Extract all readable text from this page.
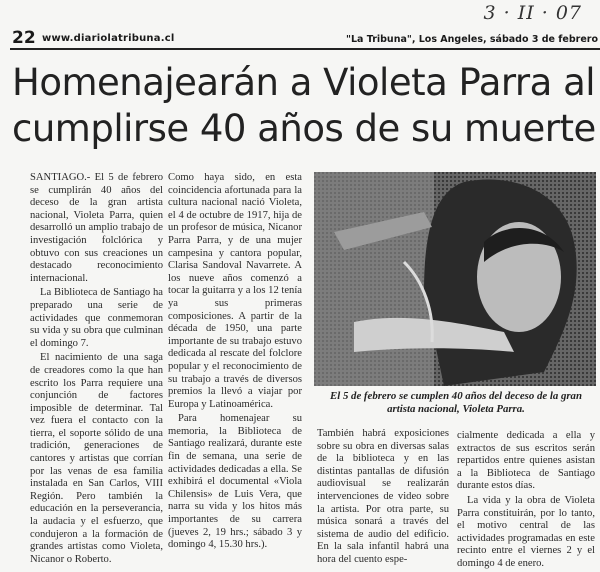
22 www.diariolatribuna.cl	"La Tribuna", Los Angeles, sábado 3 de febrero
3 · II · 07
Homenajearán a Violeta Parra al cumplirse 40 años de su muerte

SANTIAGO.- El 5 de febrero se cumplirán 40 años del deceso de la gran artista nacional, Violeta Parra, quien desarrolló un amplio trabajo de investigación folclórica y obtuvo con sus creaciones un destacado reconocimiento internacional.

La Biblioteca de Santiago ha preparado una serie de actividades que conmemoran su vida y su obra que culminan el domingo 7.

El nacimiento de una saga de creadores como la que han escrito los Parra requiere una conjunción de factores imposible de determinar. Tal vez fuera el contacto con la tierra, el soporte sólido de una tradición, generaciones de cantores y artistas que corrían por las venas de esa familia instalada en San Carlos, VIII Región. Pero también la educación en la perseverancia, la audacia y el esfuerzo, que condujeron a la formación de grandes artistas como Violeta, Nicanor o Roberto.

Como haya sido, en esta coincidencia afortunada para la cultura nacional nació Violeta, el 4 de octubre de 1917, hija de un profesor de música, Nicanor Parra Parra, y de una mujer campesina y cantora popular, Clarisa Sandoval Navarrete. A los nueve años comenzó a tocar la guitarra y a los 12 tenía ya sus primeras composiciones. A partir de la década de 1950, una parte importante de su trabajo estuvo dedicada al rescate del folclore popular y el reconocimiento de su trabajo a través de diversos premios la llevó a viajar por Europa y Latinoamérica.

Para homenajear su memoria, la Biblioteca de Santiago realizará, durante este fin de semana, una serie de actividades dedicadas a ella. Se exhibirá el documental «Viola Chilensis» de Luis Vera, que narra su vida y los hitos más importantes de su carrera (jueves 2, 19 hrs.; sábado 3 y domingo 4, 15.30 hrs.).

El 5 de febrero se cumplen 40 años del deceso de la gran artista nacional, Violeta Parra.

También habrá exposiciones sobre su obra en diversas salas de la biblioteca y en las distintas pantallas de difusión audiovisual se realizarán intervenciones de video sobre la artista. Por otra parte, su música sonará a través del sistema de audio del edificio. En la sala infantil habrá una hora del cuento espe-

cialmente dedicada a ella y extractos de sus escritos serán repartidos entre quienes asistan a la Biblioteca de Santiago durante estos días.

La vida y la obra de Violeta Parra constituirán, por lo tanto, el motivo central de las actividades programadas en este recinto entre el viernes 2 y el domingo 4 de enero.
